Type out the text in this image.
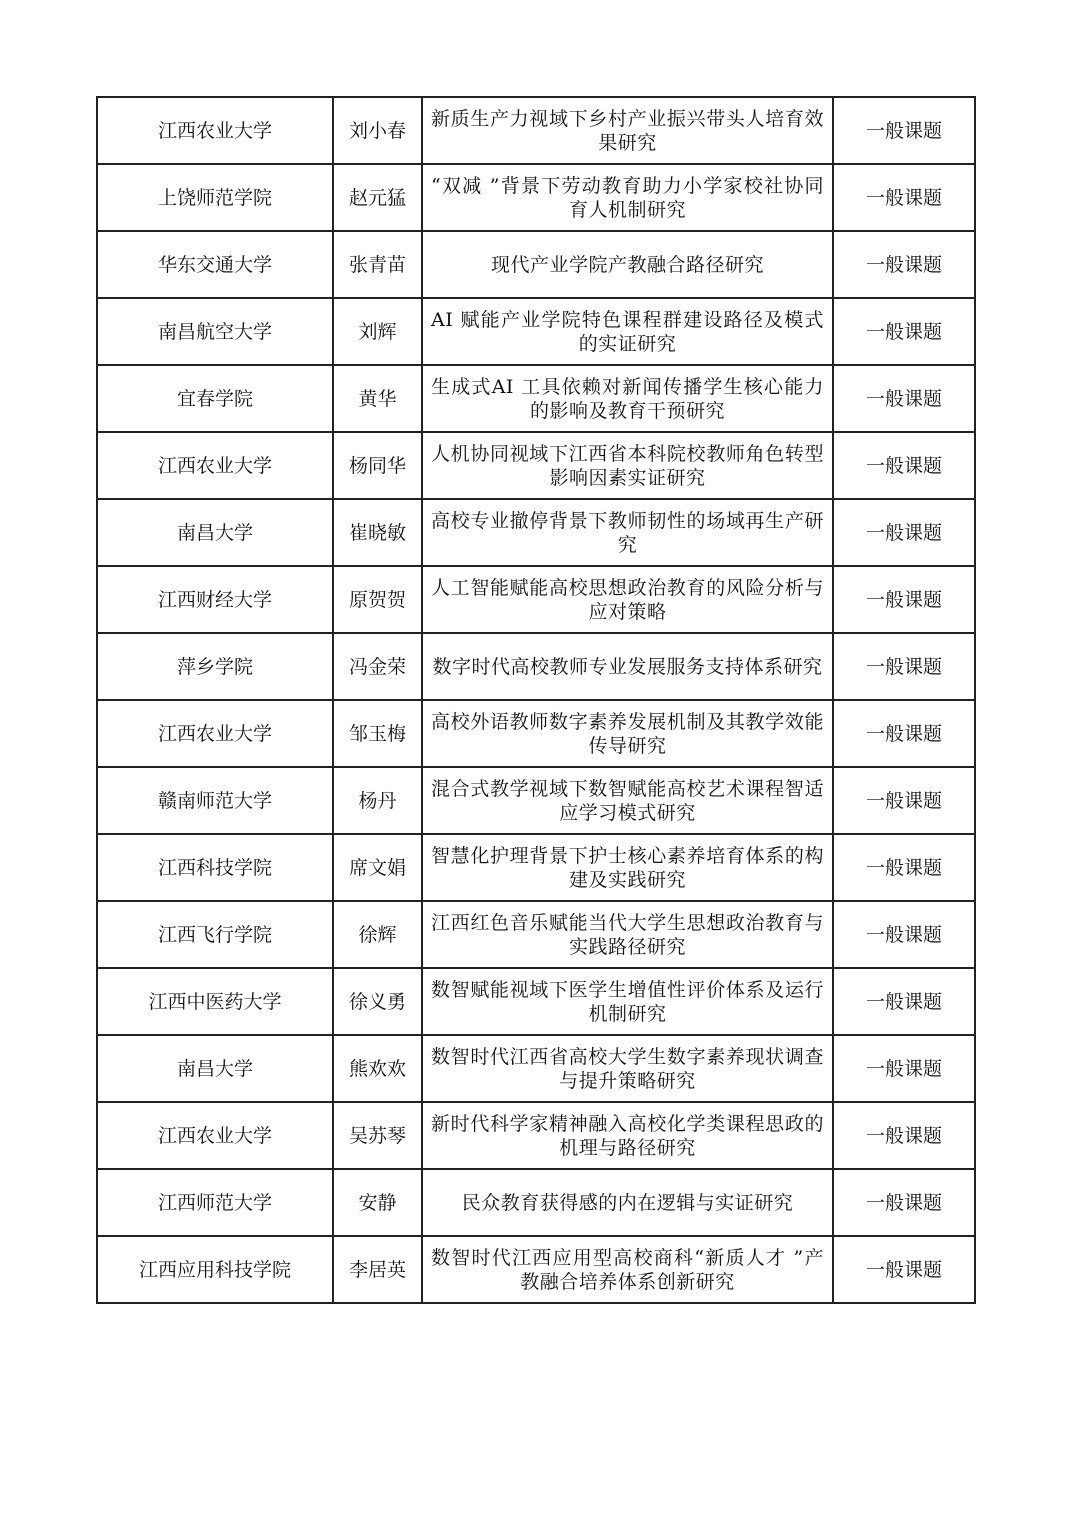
江西农业大学	刘小春	新质生产力视域下乡村产业振兴带头人培育效果研究	一般课题
上饶师范学院	赵元猛	“双减 ”背景下劳动教育助力小学家校社协同育人机制研究	一般课题
华东交通大学	张青苗	现代产业学院产教融合路径研究	一般课题
南昌航空大学	刘辉	AI 赋能产业学院特色课程群建设路径及模式的实证研究	一般课题
宜春学院	黄华	生成式AI 工具依赖对新闻传播学生核心能力的影响及教育干预研究	一般课题
江西农业大学	杨同华	人机协同视域下江西省本科院校教师角色转型影响因素实证研究	一般课题
南昌大学	崔晓敏	高校专业撤停背景下教师韧性的场域再生产研究	一般课题
江西财经大学	原贺贺	人工智能赋能高校思想政治教育的风险分析与应对策略	一般课题
萍乡学院	冯金荣	数字时代高校教师专业发展服务支持体系研究	一般课题
江西农业大学	邹玉梅	高校外语教师数字素养发展机制及其教学效能传导研究	一般课题
赣南师范大学	杨丹	混合式教学视域下数智赋能高校艺术课程智适应学习模式研究	一般课题
江西科技学院	席文娟	智慧化护理背景下护士核心素养培育体系的构建及实践研究	一般课题
江西飞行学院	徐辉	江西红色音乐赋能当代大学生思想政治教育与实践路径研究	一般课题
江西中医药大学	徐义勇	数智赋能视域下医学生增值性评价体系及运行机制研究	一般课题
南昌大学	熊欢欢	数智时代江西省高校大学生数字素养现状调查与提升策略研究	一般课题
江西农业大学	吴苏琴	新时代科学家精神融入高校化学类课程思政的机理与路径研究	一般课题
江西师范大学	安静	民众教育获得感的内在逻辑与实证研究	一般课题
江西应用科技学院	李居英	数智时代江西应用型高校商科“新质人才 ”产教融合培养体系创新研究	一般课题
